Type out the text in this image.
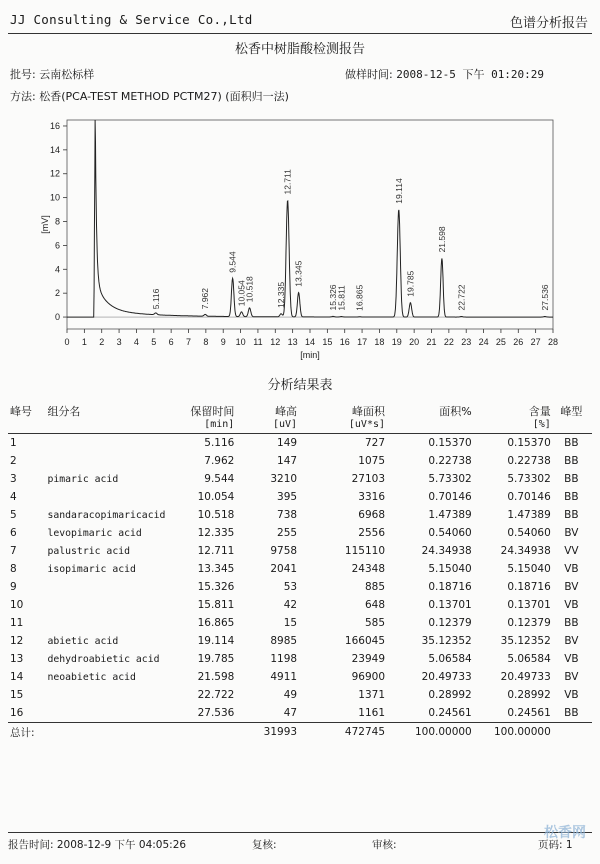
JJ Consulting & Service Co.,Ltd	色谱分析报告
松香中树脂酸检测报告
批号: 云南松标样	做样时间: 2008-12-5 下午 01:20:29
方法: 松香(PCA-TEST METHOD PCTM27) (面积归一法)
0
2
4
6
8
10
12
14
16
0 1 2 3 4 5 6 7 8 9 10 11 12 13 14 15 16 17 18 19 20 21 22 23 24 25 26 27 28
[mV]
[min]
5.116	7.962
9.544
10.054
10.518	12.335
12.711
13.345
15.326
15.811 16.865
19.114
19.785
21.598
22.722	27.536
分析结果表
峰号	组分名	保留时间	峰高	峰面积	面积%	含量	峰型
		[min]	[uV]	[uV*s]		[%]	
1		5.116	149	727	0.15370	0.15370	BB
2		7.962	147	1075	0.22738	0.22738	BB
3	pimaric acid	9.544	3210	27103	5.73302	5.73302	BB
4		10.054	395	3316	0.70146	0.70146	BB
5	sandaracopimaricacid	10.518	738	6968	1.47389	1.47389	BB
6	levopimaric acid	12.335	255	2556	0.54060	0.54060	BV
7	palustric acid	12.711	9758	115110	24.34938	24.34938	VV
8	isopimaric acid	13.345	2041	24348	5.15040	5.15040	VB
9		15.326	53	885	0.18716	0.18716	BV
10		15.811	42	648	0.13701	0.13701	VB
11		16.865	15	585	0.12379	0.12379	BB
12	abietic acid	19.114	8985	166045	35.12352	35.12352	BV
13	dehydroabietic acid	19.785	1198	23949	5.06584	5.06584	VB
14	neoabietic acid	21.598	4911	96900	20.49733	20.49733	BV
15		22.722	49	1371	0.28992	0.28992	VB
16		27.536	47	1161	0.24561	0.24561	BB
总计:			31993	472745	100.00000	100.00000	
报告时间: 2008-12-9 下午 04:05:26	复核:	审核:	页码: 1
松香网
